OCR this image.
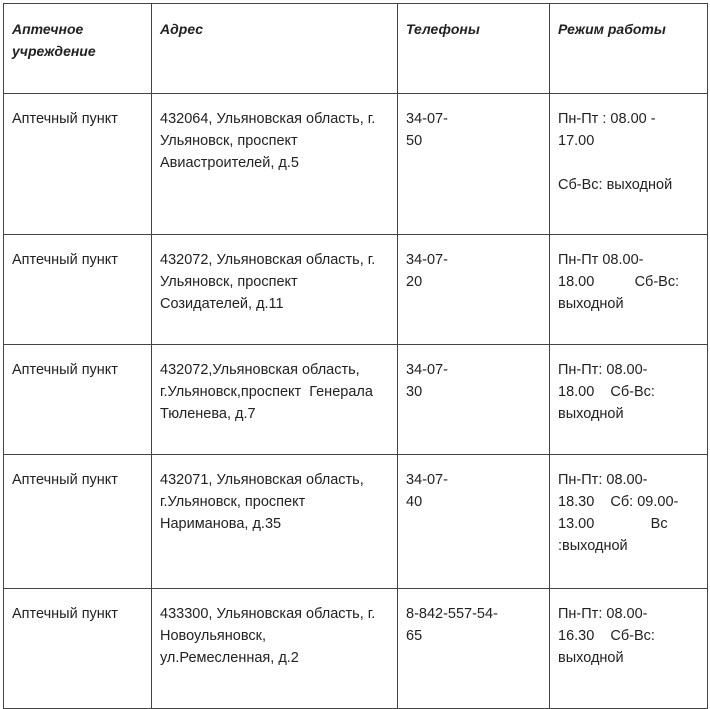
Аптечное
учреждение	Адрес	Телефоны	Режим работы
Аптечный пункт	432064, Ульяновская область, г.
Ульяновск, проспект
Авиастроителей, д.5	34-07-
50	Пн-Пт : 08.00 -
17.00
Сб-Вс: выходной

Аптечный пункт	432072, Ульяновская область, г.
Ульяновск, проспект
Созидателей, д.11	34-07-
20	Пн-Пт 08.00-
18.00          Сб-Вс:
выходной

Аптечный пункт	432072,Ульяновская область,
г.Ульяновск,проспект  Генерала
Тюленева, д.7	34-07-
30	Пн-Пт: 08.00-
18.00    Сб-Вс:
выходной

Аптечный пункт	432071, Ульяновская область,
г.Ульяновск, проспект
Нариманова, д.35	34-07-
40	Пн-Пт: 08.00-
18.30    Сб: 09.00-
13.00              Вс
:выходной

Аптечный пункт	433300, Ульяновская область, г.
Новоульяновск,
ул.Ремесленная, д.2	8-842-557-54-
65	Пн-Пт: 08.00-
16.30    Сб-Вс:
выходной
